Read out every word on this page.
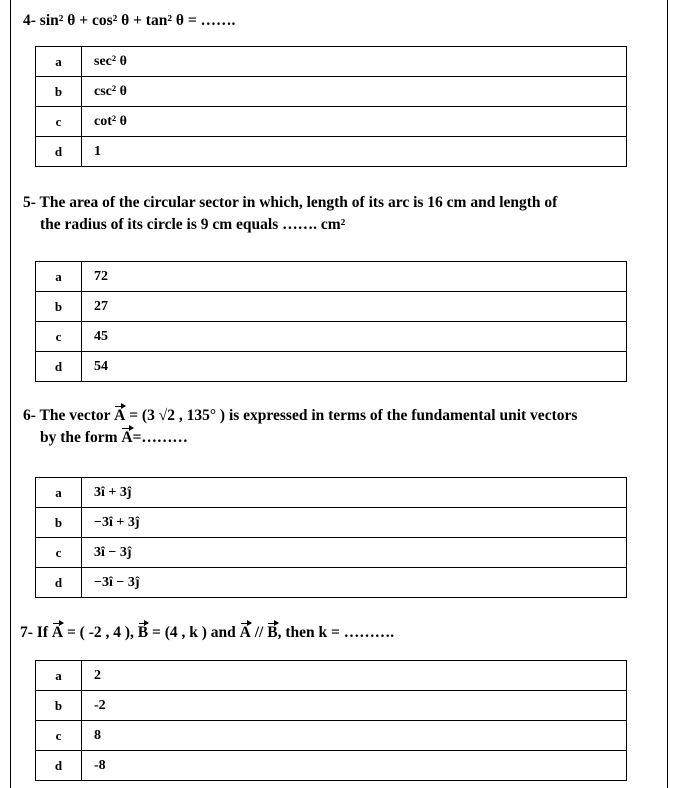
4- sin² θ + cos² θ + tan² θ = …….
a	sec² θ
b	csc² θ
c	cot² θ
d	1
5- The area of the circular sector in which, length of its arc is 16 cm and length of
the radius of its circle is 9 cm equals ……. cm²
a	72
b	27
c	45
d	54
6- The vector A = (3 √2 , 135° ) is expressed in terms of the fundamental unit vectors
by the form A=………
a	3î + 3ĵ
b	−3î + 3ĵ
c	3î − 3ĵ
d	−3î − 3ĵ
7- If A = ( -2 , 4 ), B = (4 , k ) and A // B, then k = ……….
a	2
b	-2
c	8
d	-8
